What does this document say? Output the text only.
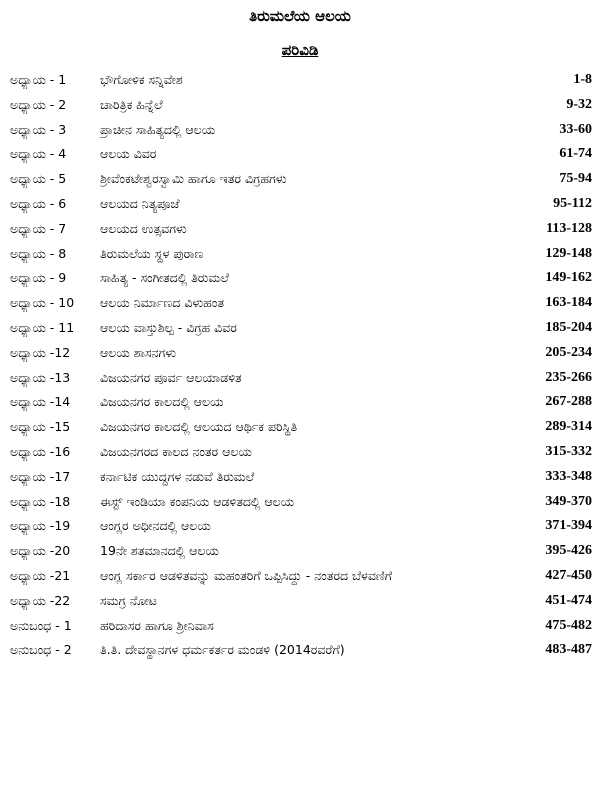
ತಿರುಮಲೆಯ ಆಲಯ
ಪರಿವಿಡಿ
ಅಧ್ಯಾಯ - 1	ಭೌಗೋಳಿಕ ಸನ್ನಿವೇಶ	1-8
ಅಧ್ಯಾಯ - 2	ಚಾರಿತ್ರಿಕ ಹಿನ್ನೆಲೆ	9-32
ಅಧ್ಯಾಯ - 3	ಪ್ರಾಚೀನ ಸಾಹಿತ್ಯದಲ್ಲಿ ಆಲಯ	33-60
ಅಧ್ಯಾಯ - 4	ಆಲಯ ವಿವರ	61-74
ಅಧ್ಯಾಯ - 5	ಶ್ರೀವೆಂಕಟೇಶ್ವರಸ್ವಾಮಿ ಹಾಗೂ ಇತರ ವಿಗ್ರಹಗಳು	75-94
ಅಧ್ಯಾಯ - 6	ಆಲಯದ ನಿತ್ಯಪೂಜೆ	95-112
ಅಧ್ಯಾಯ - 7	ಆಲಯದ ಉತ್ಸವಗಳು	113-128
ಅಧ್ಯಾಯ - 8	ತಿರುಮಲೆಯ ಸ್ಥಳ ಪುರಾಣ	129-148
ಅಧ್ಯಾಯ - 9	ಸಾಹಿತ್ಯ - ಸಂಗೀತದಲ್ಲಿ ತಿರುಮಲೆ	149-162
ಅಧ್ಯಾಯ - 10	ಆಲಯ ನಿರ್ಮಾಣದ ವಿಳುಹಂತ	163-184
ಅಧ್ಯಾಯ - 11	ಆಲಯ ವಾಸ್ತುಶಿಲ್ಪ - ವಿಗ್ರಹ ವಿವರ	185-204
ಅಧ್ಯಾಯ -12	ಆಲಯ ಶಾಸನಗಳು	205-234
ಅಧ್ಯಾಯ -13	ವಿಜಯನಗರ ಪೂರ್ವ ಆಲಯಾಡಳಿತ	235-266
ಅಧ್ಯಾಯ -14	ವಿಜಯನಗರ ಕಾಲದಲ್ಲಿ ಆಲಯ	267-288
ಅಧ್ಯಾಯ -15	ವಿಜಯನಗರ ಕಾಲದಲ್ಲಿ ಆಲಯದ ಆರ್ಥಿಕ ಪರಿಸ್ಥಿತಿ	289-314
ಅಧ್ಯಾಯ -16	ವಿಜಯನಗರದ ಕಾಲದ ನಂತರ ಆಲಯ	315-332
ಅಧ್ಯಾಯ -17	ಕರ್ನಾಟಿಕ ಯುದ್ಧಗಳ ನಡುವೆ ತಿರುಮಲೆ	333-348
ಅಧ್ಯಾಯ -18	ಈಸ್ಟ್ ಇಂಡಿಯಾ ಕಂಪನಿಯ ಆಡಳಿತದಲ್ಲಿ ಆಲಯ	349-370
ಅಧ್ಯಾಯ -19	ಆಂಗ್ಲರ ಅಧೀನದಲ್ಲಿ ಆಲಯ	371-394
ಅಧ್ಯಾಯ -20	19ನೇ ಶತಮಾನದಲ್ಲಿ ಆಲಯ	395-426
ಅಧ್ಯಾಯ -21	ಆಂಗ್ಲ ಸರ್ಕಾರ ಆಡಳಿತವನ್ನು ಮಹಂತರಿಗೆ ಒಪ್ಪಿಸಿದ್ದು - ನಂತರದ ಬೆಳವಣಿಗೆ	427-450
ಅಧ್ಯಾಯ -22	ಸಮಗ್ರ ನೋಟ	451-474
ಅನುಬಂಧ - 1	ಹರಿದಾಸರ ಹಾಗೂ ಶ್ರೀನಿವಾಸ	475-482
ಅನುಬಂಧ - 2	ತಿ.ತಿ. ದೇವಸ್ಥಾನಗಳ ಧರ್ಮಕರ್ತರ ಮಂಡಳಿ (2014ರವರೆಗೆ)	483-487
